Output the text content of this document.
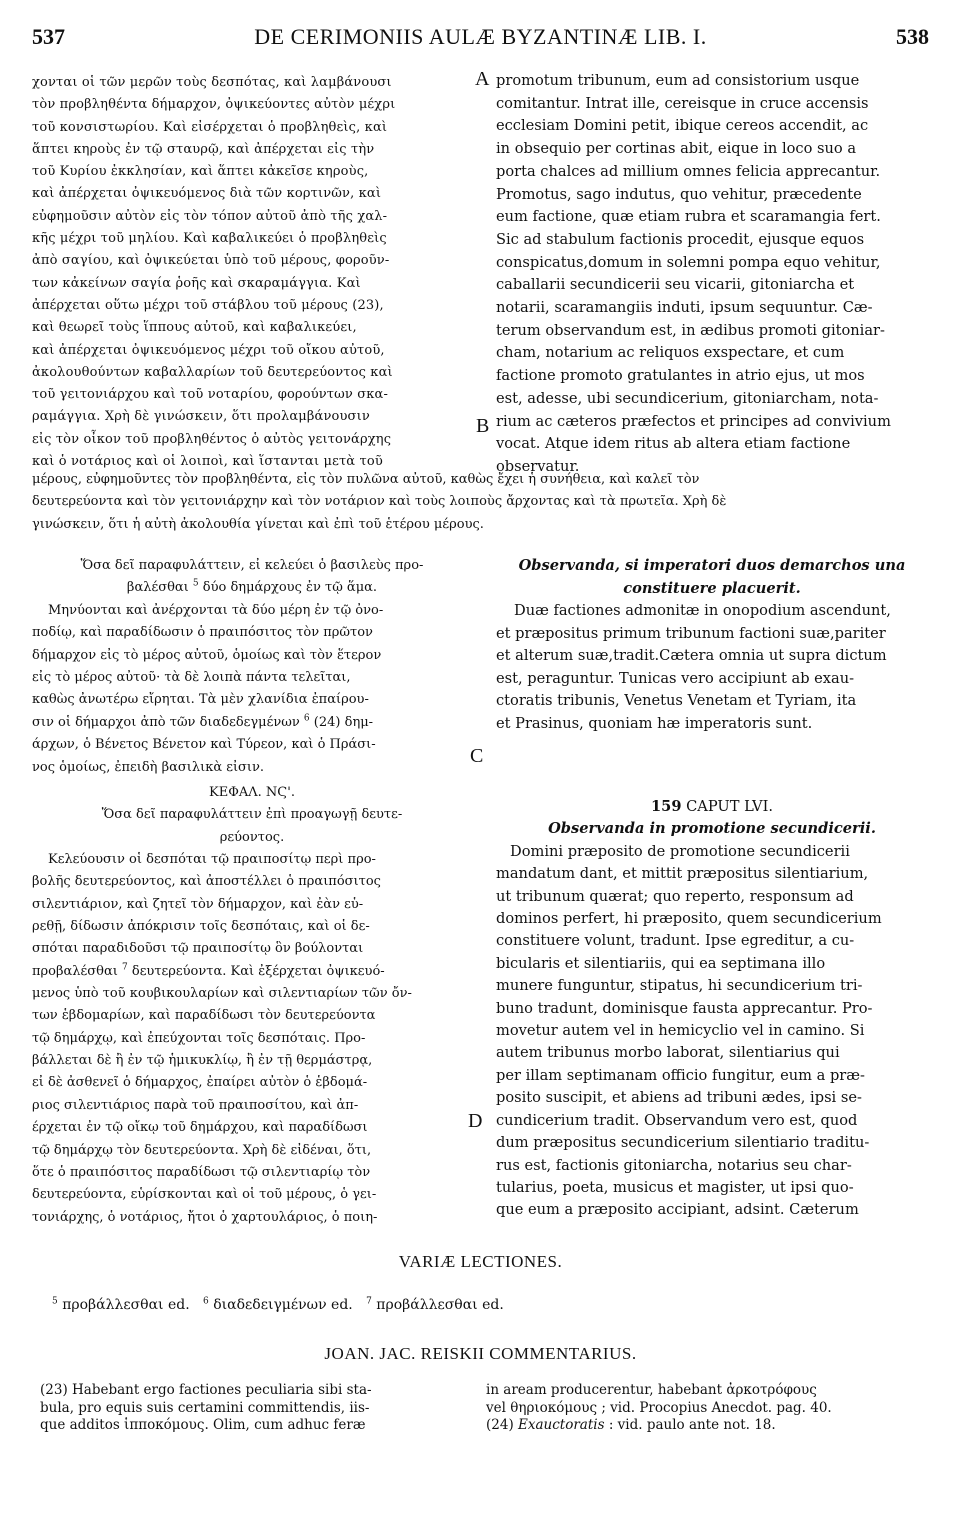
537	DE CERIMONIIS AULÆ BYZANTINÆ LIB. I.	538

χονται οἱ τῶν μερῶν τοὺς δεσπότας, καὶ λαμβάνουσι

τὸν προβληθέντα δήμαρχον, ὀψικεύοντες αὐτὸν μέχρι

τοῦ κονσιστωρίου. Καὶ εἰσέρχεται ὁ προβληθεὶς, καὶ

ἅπτει κηροὺς ἐν τῷ σταυρῷ, καὶ ἀπέρχεται εἰς τὴν

τοῦ Κυρίου ἐκκλησίαν, καὶ ἅπτει κἀκεῖσε κηροὺς,

καὶ ἀπέρχεται ὀψικευόμενος διὰ τῶν κορτινῶν, καὶ

εὐφημοῦσιν αὐτὸν εἰς τὸν τόπον αὐτοῦ ἀπὸ τῆς χαλ-

κῆς μέχρι τοῦ μηλίου. Καὶ καβαλικεύει ὁ προβληθεὶς

ἀπὸ σαγίου, καὶ ὀψικεύεται ὑπὸ τοῦ μέρους, φοροῦν-

των κἀκείνων σαγία ῥοῆς καὶ σκαραμάγγια. Καὶ

ἀπέρχεται οὕτω μέχρι τοῦ στάβλου τοῦ μέρους (23),

καὶ θεωρεῖ τοὺς ἵππους αὐτοῦ, καὶ καβαλικεύει,

καὶ ἀπέρχεται ὀψικευόμενος μέχρι τοῦ οἴκου αὐτοῦ,

ἀκολουθούντων καβαλλαρίων τοῦ δευτερεύοντος καὶ

τοῦ γειτονιάρχου καὶ τοῦ νοταρίου, φορούντων σκα-

ραμάγγια. Χρὴ δὲ γινώσκειν, ὅτι προλαμβάνουσιν

εἰς τὸν οἶκον τοῦ προβληθέντος ὁ αὐτὸς γειτονάρχης

καὶ ὁ νοτάριος καὶ οἱ λοιποὶ, καὶ ἵστανται μετὰ τοῦ

promotum tribunum, eum ad consistorium usque

comitantur. Intrat ille, cereisque in cruce accensis

ecclesiam Domini petit, ibique cereos accendit, ac

in obsequio per cortinas abit, eique in loco suo a

porta chalces ad millium omnes felicia apprecantur.

Promotus, sago indutus, quo vehitur, præcedente

eum factione, quæ etiam rubra et scaramangia fert.

Sic ad stabulum factionis procedit, ejusque equos

conspicatus,domum in solemni pompa equo vehitur,

caballarii secundicerii seu vicarii, gitoniarcha et

notarii, scaramangiis induti, ipsum sequuntur. Cæ-

terum observandum est, in ædibus promoti gitoniar-

cham, notarium ac reliquos exspectare, et cum

factione promoto gratulantes in atrio ejus, ut mos

est, adesse, ubi secundicerium, gitoniarcham, nota-

rium ac cæteros præfectos et principes ad convivium

vocat. Atque idem ritus ab altera etiam factione

observatur.

A
B

μέρους, εὐφημοῦντες τὸν προβληθέντα, εἰς τὸν πυλῶνα αὐτοῦ, καθὼς ἔχει ἡ συνήθεια, καὶ καλεῖ τὸν

δευτερεύοντα καὶ τὸν γειτονιάρχην καὶ τὸν νοτάριον καὶ τοὺς λοιποὺς ἄρχοντας καὶ τὰ πρωτεῖα. Χρὴ δὲ

γινώσκειν, ὅτι ἡ αὐτὴ ἀκολουθία γίνεται καὶ ἐπὶ τοῦ ἑτέρου μέρους.

Ὅσα δεῖ παραφυλάττειν, εἰ κελεύει ὁ βασιλεὺς προ-

βαλέσθαι $^5$ δύο δημάρχους ἐν τῷ ἅμα.

Μηνύονται καὶ ἀνέρχονται τὰ δύο μέρη ἐν τῷ ὀνο-

ποδίῳ, καὶ παραδίδωσιν ὁ πραιπόσιτος τὸν πρῶτον

δήμαρχον εἰς τὸ μέρος αὐτοῦ, ὁμοίως καὶ τὸν ἕτερον

εἰς τὸ μέρος αὐτοῦ· τὰ δὲ λοιπὰ πάντα τελεῖται,

καθὼς ἀνωτέρω εἴρηται. Τὰ μὲν χλανίδια ἐπαίρου-

σιν οἱ δήμαρχοι ἀπὸ τῶν διαδεδεγμένων $^6$ (24) δημ-

άρχων, ὁ Βένετος Βένετον καὶ Τύρεον, καὶ ὁ Πράσι-

νος ὁμοίως, ἐπειδὴ βασιλικὰ εἰσιν.

Observanda, si imperatori duos demarchos una

constituere placuerit.

Duæ factiones admonitæ in onopodium ascendunt,

et præpositus primum tribunum factioni suæ,pariter

et alterum suæ,tradit.Cætera omnia ut supra dictum

est, peraguntur. Tunicas vero accipiunt ab exau-

ctoratis tribunis, Venetus Venetam et Tyriam, ita

et Prasinus, quoniam hæ imperatoris sunt.

C

ΚΕΦΑΛ. ΝϚ'.

Ὅσα δεῖ παραφυλάττειν ἐπὶ προαγωγῇ δευτε-

ρεύοντος.

Κελεύουσιν οἱ δεσπόται τῷ πραιποσίτῳ περὶ προ-

βολῆς δευτερεύοντος, καὶ ἀποστέλλει ὁ πραιπόσιτος

σιλεντιάριον, καὶ ζητεῖ τὸν δήμαρχον, καὶ ἐὰν εὑ-

ρεθῇ, δίδωσιν ἀπόκρισιν τοῖς δεσπόταις, καὶ οἱ δε-

σπόται παραδιδοῦσι τῷ πραιποσίτῳ ὃν βούλονται

προβαλέσθαι $^7$ δευτερεύοντα. Καὶ ἐξέρχεται ὀψικευό-

μενος ὑπὸ τοῦ κουβικουλαρίων καὶ σιλεντιαρίων τῶν ὄν-

των ἑβδομαρίων, καὶ παραδίδωσι τὸν δευτερεύοντα

τῷ δημάρχῳ, καὶ ἐπεύχονται τοῖς δεσπόταις. Προ-

βάλλεται δὲ ἢ ἐν τῷ ἡμικυκλίῳ, ἢ ἐν τῇ θερμάστρᾳ,

εἰ δὲ ἀσθενεῖ ὁ δήμαρχος, ἐπαίρει αὐτὸν ὁ ἑβδομά-

ριος σιλεντιάριος παρὰ τοῦ πραιποσίτου, καὶ ἀπ-

έρχεται ἐν τῷ οἴκῳ τοῦ δημάρχου, καὶ παραδίδωσι

τῷ δημάρχῳ τὸν δευτερεύοντα. Χρὴ δὲ εἰδέναι, ὅτι,

ὅτε ὁ πραιπόσιτος παραδίδωσι τῷ σιλεντιαρίῳ τὸν

δευτερεύοντα, εὑρίσκονται καὶ οἱ τοῦ μέρους, ὁ γει-

τονιάρχης, ὁ νοτάριος, ἤτοι ὁ χαρτουλάριος, ὁ ποιη-

159 CAPUT LVI.

Observanda in promotione secundicerii.

Domini præposito de promotione secundicerii

mandatum dant, et mittit præpositus silentiarium,

ut tribunum quærat; quo reperto, responsum ad

dominos perfert, hi præposito, quem secundicerium

constituere volunt, tradunt. Ipse egreditur, a cu-

bicularis et silentiariis, qui ea septimana illo

munere funguntur, stipatus, hi secundicerium tri-

buno tradunt, dominisque fausta apprecantur. Pro-

movetur autem vel in hemicyclio vel in camino. Si

autem tribunus morbo laborat, silentiarius qui

per illam septimanam officio fungitur, eum a præ-

posito suscipit, et abiens ad tribuni ædes, ipsi se-

cundicerium tradit. Observandum vero est, quod

dum præpositus secundicerium silentiario traditu-

rus est, factionis gitoniarcha, notarius seu char-

tularius, poeta, musicus et magister, ut ipsi quo-

que eum a præposito accipiant, adsint. Cæterum

D
VARIÆ LECTIONES.
$^5$ προβάλλεσθαι ed. $^6$ διαδεδειγμένων ed. $^7$ προβάλλεσθαι ed.
JOAN. JAC. REISKII COMMENTARIUS.

(23) Habebant ergo factiones peculiaria sibi sta-

bula, pro equis suis certamini committendis, iis-

que additos ἱπποκόμους. Olim, cum adhuc feræ

in aream producerentur, habebant ἀρκοτρόφους

vel θηριοκόμους ; vid. Procopius Anecdot. pag. 40.

(24) Exauctoratis : vid. paulo ante not. 18.
